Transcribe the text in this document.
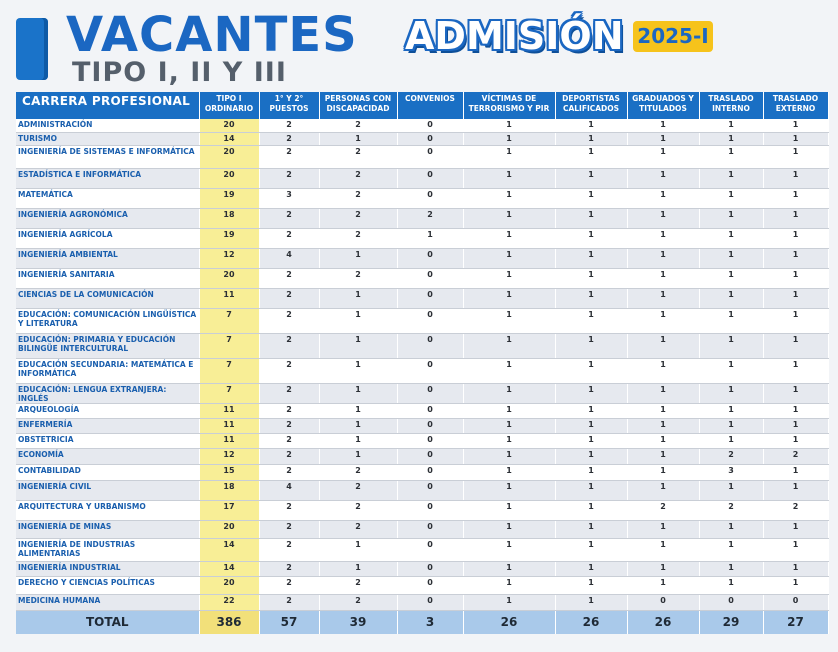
VACANTES
TIPO I, II Y III
ADMISIÓN 2025-I
CARRERA PROFESIONAL	TIPO I ORDINARIO	1° Y 2° PUESTOS	PERSONAS CON DISCAPACIDAD	CONVENIOS	VÍCTIMAS DE TERRORISMO Y PIR	DEPORTISTAS CALIFICADOS	GRADUADOS Y TITULADOS	TRASLADO INTERNO	TRASLADO EXTERNO
ADMINISTRACIÓN	20	2	2	0	1	1	1	1	1
TURISMO	14	2	1	0	1	1	1	1	1
INGENIERÍA DE SISTEMAS E INFORMÁTICA	20	2	2	0	1	1	1	1	1
ESTADÍSTICA E INFORMÁTICA	20	2	2	0	1	1	1	1	1
MATEMÁTICA	19	3	2	0	1	1	1	1	1
INGENIERÍA AGRONÓMICA	18	2	2	2	1	1	1	1	1
INGENIERÍA AGRÍCOLA	19	2	2	1	1	1	1	1	1
INGENIERÍA AMBIENTAL	12	4	1	0	1	1	1	1	1
INGENIERÍA SANITARIA	20	2	2	0	1	1	1	1	1
CIENCIAS DE LA COMUNICACIÓN	11	2	1	0	1	1	1	1	1
EDUCACIÓN: COMUNICACIÓN LINGÜÍSTICA Y LITERATURA	7	2	1	0	1	1	1	1	1
EDUCACIÓN: PRIMARIA Y EDUCACIÓN BILINGÜE INTERCULTURAL	7	2	1	0	1	1	1	1	1
EDUCACIÓN SECUNDARIA: MATEMÁTICA E INFORMÁTICA	7	2	1	0	1	1	1	1	1
EDUCACIÓN: LENGUA EXTRANJERA: INGLÉS	7	2	1	0	1	1	1	1	1
ARQUEOLOGÍA	11	2	1	0	1	1	1	1	1
ENFERMERÍA	11	2	1	0	1	1	1	1	1
OBSTETRICIA	11	2	1	0	1	1	1	1	1
ECONOMÍA	12	2	1	0	1	1	1	2	2
CONTABILIDAD	15	2	2	0	1	1	1	3	1
INGENIERÍA CIVIL	18	4	2	0	1	1	1	1	1
ARQUITECTURA Y URBANISMO	17	2	2	0	1	1	2	2	2
INGENIERÍA DE MINAS	20	2	2	0	1	1	1	1	1
INGENIERÍA DE INDUSTRIAS ALIMENTARIAS	14	2	1	0	1	1	1	1	1
INGENIERÍA INDUSTRIAL	14	2	1	0	1	1	1	1	1
DERECHO Y CIENCIAS POLÍTICAS	20	2	2	0	1	1	1	1	1
MEDICINA HUMANA	22	2	2	0	1	1	0	0	0
TOTAL	386	57	39	3	26	26	26	29	27
